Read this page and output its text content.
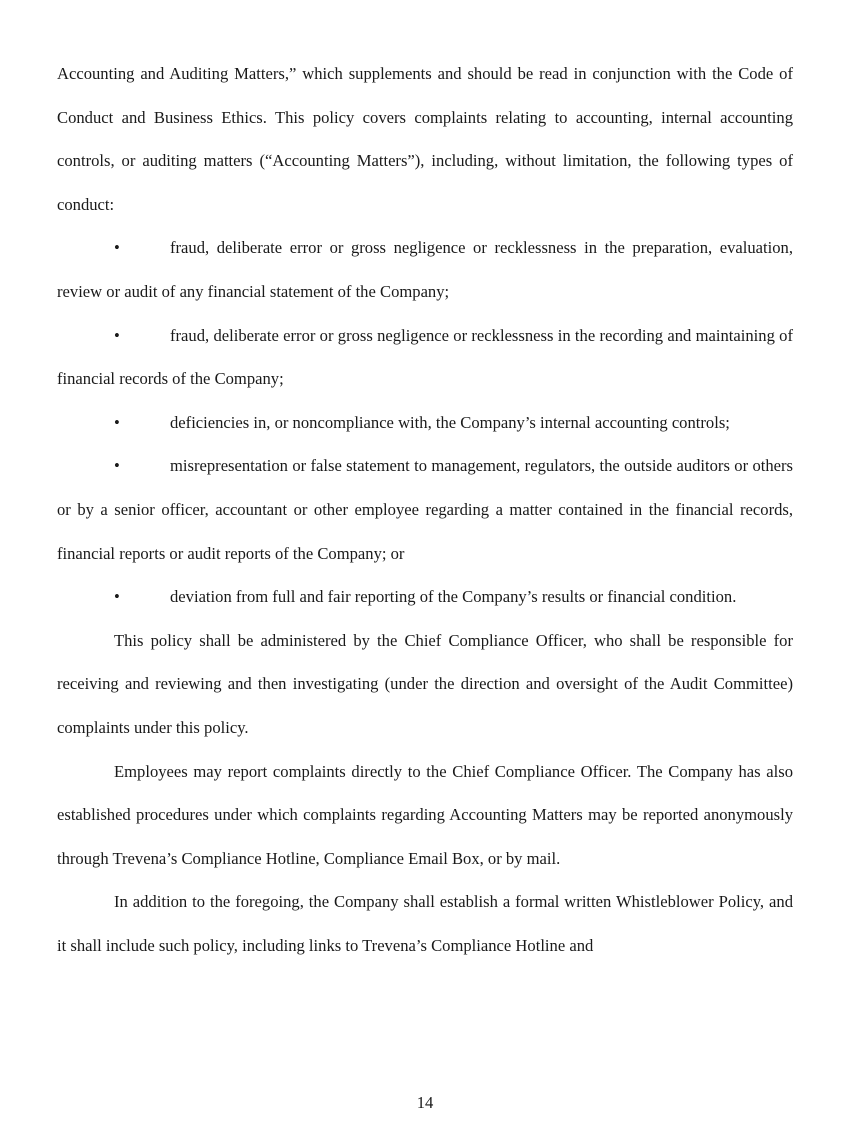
Accounting and Auditing Matters,” which supplements and should be read in conjunction with the Code of Conduct and Business Ethics. This policy covers complaints relating to accounting, internal accounting controls, or auditing matters (“Accounting Matters”), including, without limitation, the following types of conduct:

•	fraud, deliberate error or gross negligence or recklessness in the preparation, evaluation, review or audit of any financial statement of the Company;

•	fraud, deliberate error or gross negligence or recklessness in the recording and maintaining of financial records of the Company;

•	deficiencies in, or noncompliance with, the Company’s internal accounting controls;

•	misrepresentation or false statement to management, regulators, the outside auditors or others or by a senior officer, accountant or other employee regarding a matter contained in the financial records, financial reports or audit reports of the Company; or

•	deviation from full and fair reporting of the Company’s results or financial condition.

This policy shall be administered by the Chief Compliance Officer, who shall be responsible for receiving and reviewing and then investigating (under the direction and oversight of the Audit Committee) complaints under this policy.

Employees may report complaints directly to the Chief Compliance Officer. The Company has also established procedures under which complaints regarding Accounting Matters may be reported anonymously through Trevena’s Compliance Hotline, Compliance Email Box, or by mail.

In addition to the foregoing, the Company shall establish a formal written Whistleblower Policy, and it shall include such policy, including links to Trevena’s Compliance Hotline and

14
